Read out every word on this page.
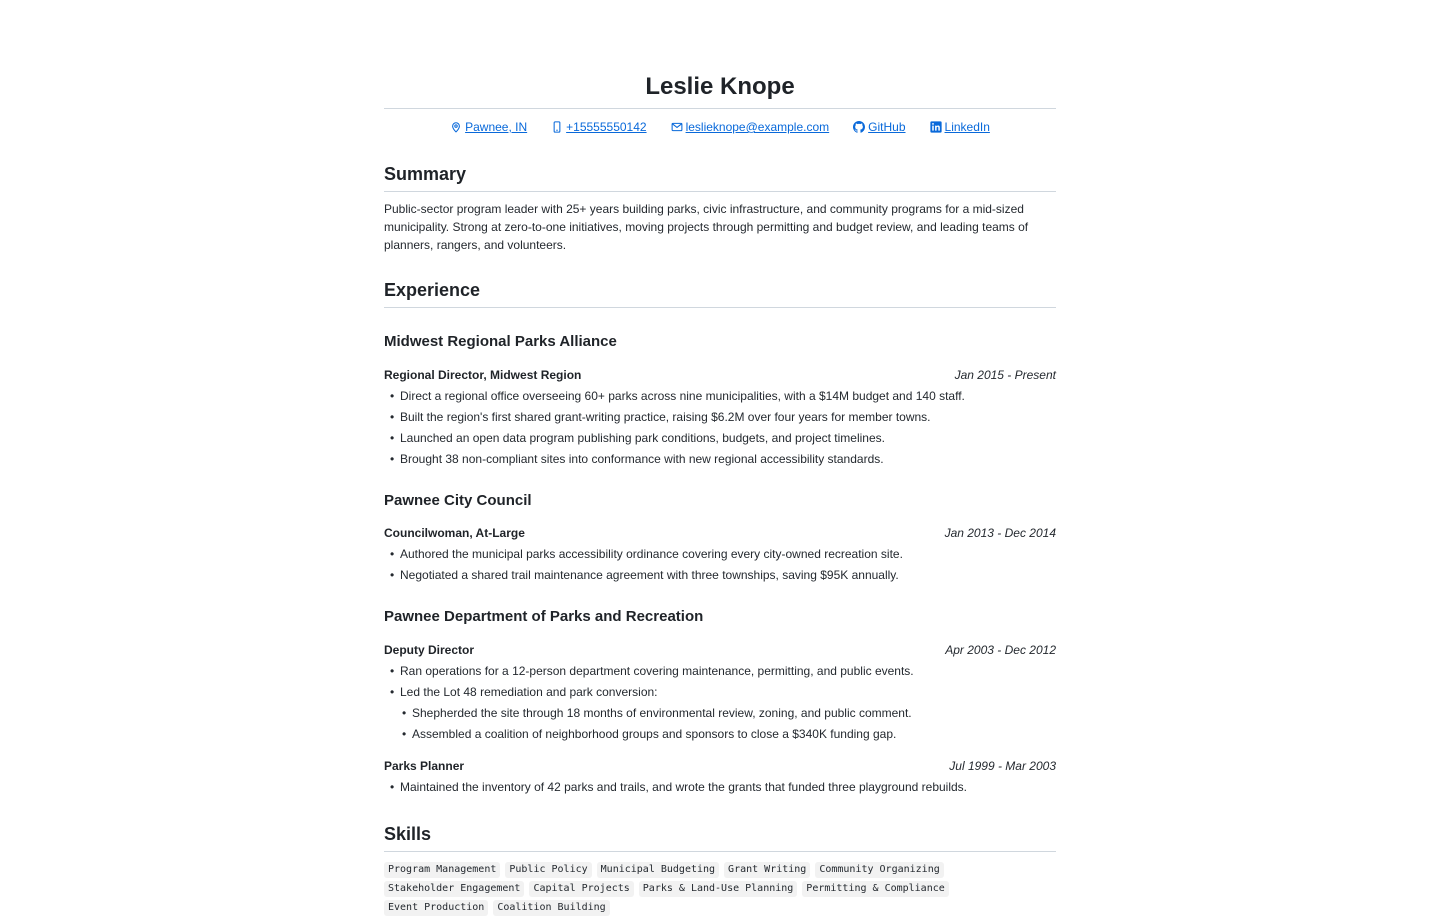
Leslie Knope
Pawnee, IN	+15555550142	leslieknope@example.com	GitHub	LinkedIn
Summary

Public-sector program leader with 25+ years building parks, civic infrastructure, and community programs for a mid-sized municipality. Strong at zero-to-one initiatives, moving projects through permitting and budget review, and leading teams of planners, rangers, and volunteers.

Experience
Midwest Regional Parks Alliance
Regional Director, Midwest Region	Jan 2015 - Present
• Direct a regional office overseeing 60+ parks across nine municipalities, with a $14M budget and 140 staff.
• Built the region's first shared grant-writing practice, raising $6.2M over four years for member towns.
• Launched an open data program publishing park conditions, budgets, and project timelines.
• Brought 38 non-compliant sites into conformance with new regional accessibility standards.
Pawnee City Council
Councilwoman, At-Large	Jan 2013 - Dec 2014
• Authored the municipal parks accessibility ordinance covering every city-owned recreation site.
• Negotiated a shared trail maintenance agreement with three townships, saving $95K annually.
Pawnee Department of Parks and Recreation
Deputy Director	Apr 2003 - Dec 2012
• Ran operations for a 12-person department covering maintenance, permitting, and public events.
• Led the Lot 48 remediation and park conversion:
• Shepherded the site through 18 months of environmental review, zoning, and public comment.
• Assembled a coalition of neighborhood groups and sponsors to close a $340K funding gap.
Parks Planner	Jul 1999 - Mar 2003
• Maintained the inventory of 42 parks and trails, and wrote the grants that funded three playground rebuilds.
Skills
Program Management	Public Policy	Municipal Budgeting	Grant Writing	Community Organizing
Stakeholder Engagement	Capital Projects	Parks & Land-Use Planning	Permitting & Compliance
Event Production	Coalition Building
